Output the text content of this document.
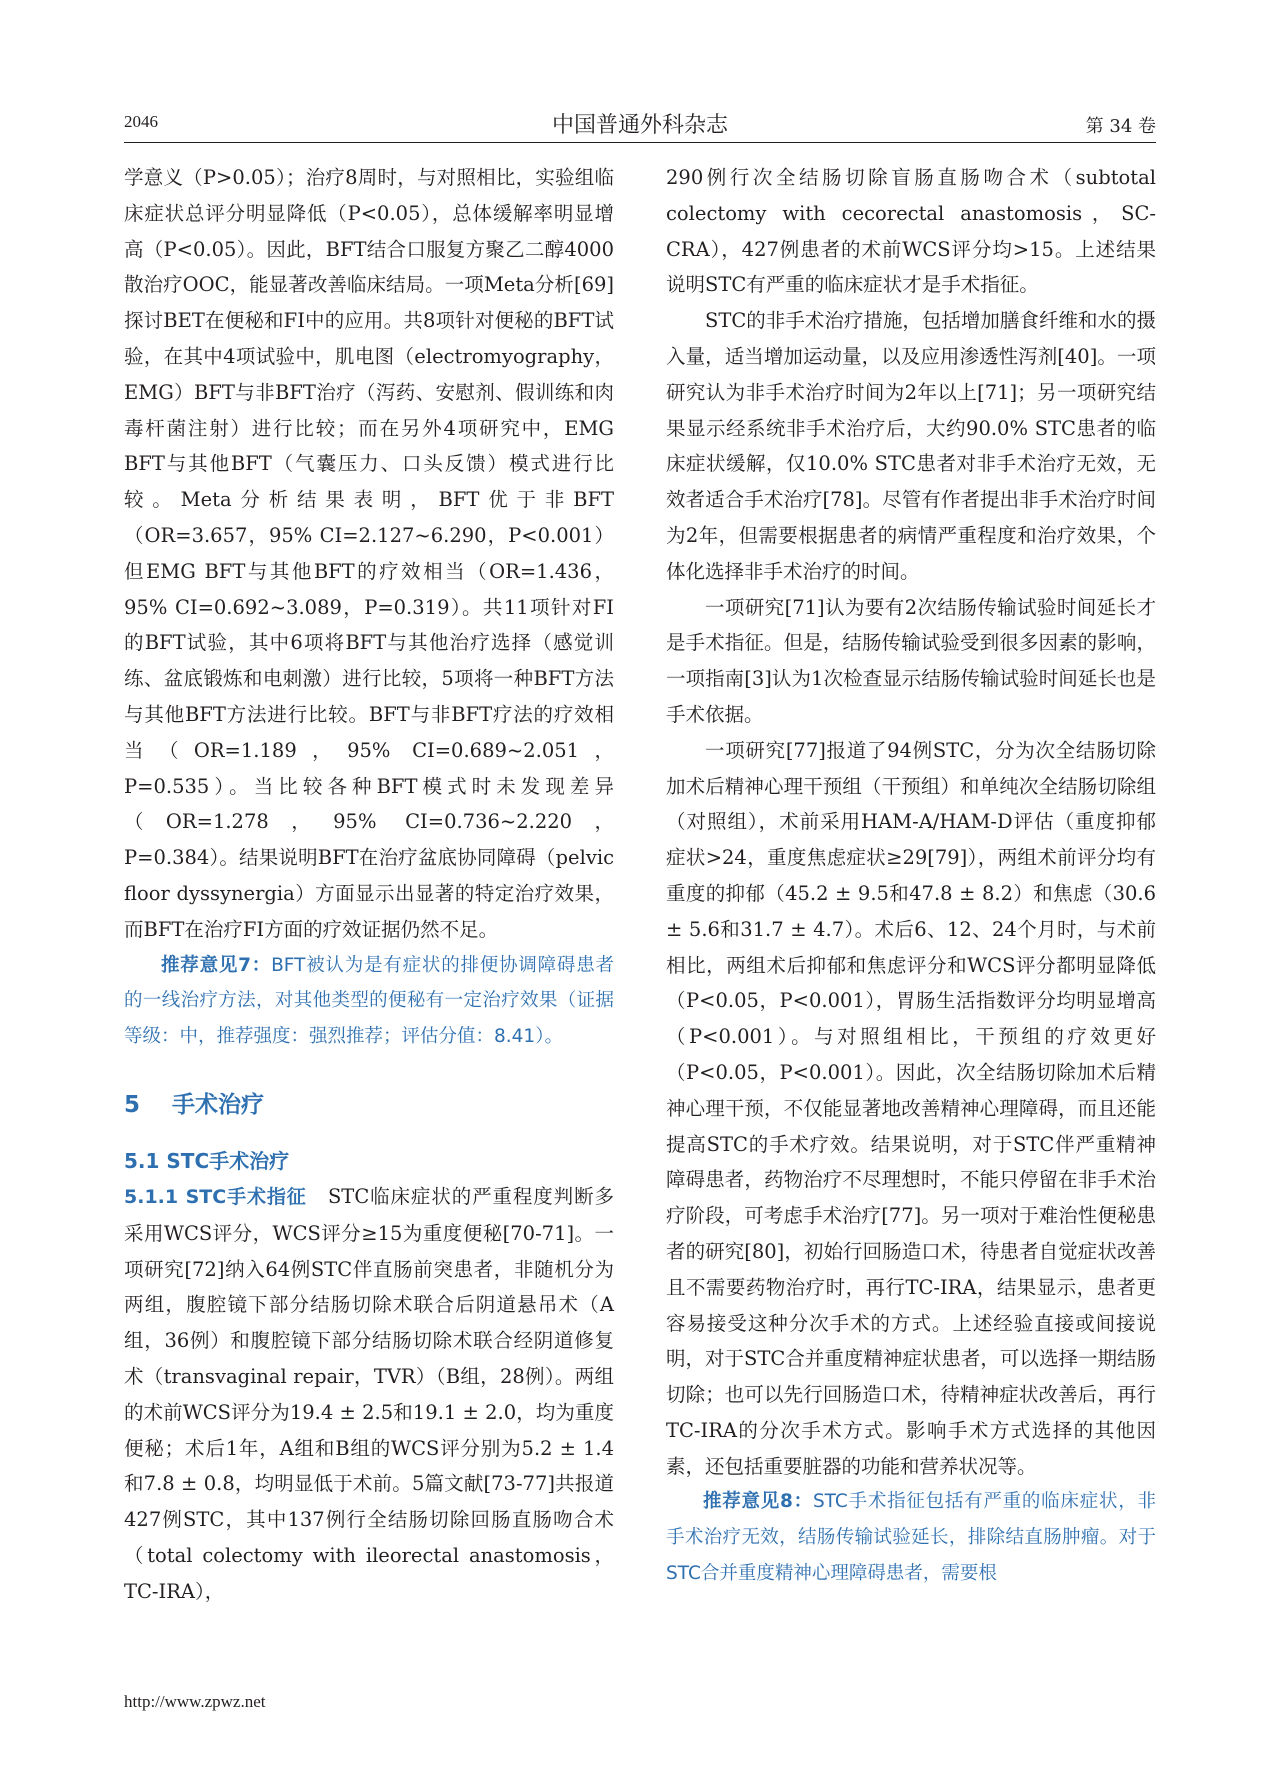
2046	中国普通外科杂志	第 34 卷

学意义（P>0.05）；治疗8周时，与对照相比，实验组临床症状总评分明显降低（P<0.05），总体缓解率明显增高（P<0.05）。因此，BFT结合口服复方聚乙二醇4000散治疗OOC，能显著改善临床结局。一项Meta分析[69]探讨BET在便秘和FI中的应用。共8项针对便秘的BFT试验，在其中4项试验中，肌电图（electromyography，EMG）BFT与非BFT治疗（泻药、安慰剂、假训练和肉毒杆菌注射）进行比较；而在另外4项研究中，EMG BFT与其他BFT（气囊压力、口头反馈）模式进行比较。Meta分析结果表明，BFT优于非BFT（OR=3.657，95% CI=2.127~6.290，P<0.001）但EMG BFT与其他BFT的疗效相当（OR=1.436，95% CI=0.692~3.089，P=0.319）。共11项针对FI的BFT试验，其中6项将BFT与其他治疗选择（感觉训练、盆底锻炼和电刺激）进行比较，5项将一种BFT方法与其他BFT方法进行比较。BFT与非BFT疗法的疗效相当（OR=1.189，95% CI=0.689~2.051，P=0.535）。当比较各种BFT模式时未发现差异（OR=1.278，95% CI=0.736~2.220，P=0.384）。结果说明BFT在治疗盆底协同障碍（pelvic floor dyssynergia）方面显示出显著的特定治疗效果，而BFT在治疗FI方面的疗效证据仍然不足。

推荐意见7：BFT被认为是有症状的排便协调障碍患者的一线治疗方法，对其他类型的便秘有一定治疗效果（证据等级：中，推荐强度：强烈推荐；评估分值：8.41）。

5 手术治疗
5.1 STC手术治疗

5.1.1 STC手术指征 STC临床症状的严重程度判断多采用WCS评分，WCS评分≥15为重度便秘[70-71]。一项研究[72]纳入64例STC伴直肠前突患者，非随机分为两组，腹腔镜下部分结肠切除术联合后阴道悬吊术（A组，36例）和腹腔镜下部分结肠切除术联合经阴道修复术（transvaginal repair，TVR）（B组，28例）。两组的术前WCS评分为19.4 ± 2.5和19.1 ± 2.0，均为重度便秘；术后1年，A组和B组的WCS评分别为5.2 ± 1.4和7.8 ± 0.8，均明显低于术前。5篇文献[73-77]共报道427例STC，其中137例行全结肠切除回肠直肠吻合术（total colectomy with ileorectal anastomosis，TC-IRA），

290例行次全结肠切除盲肠直肠吻合术（subtotal colectomy with cecorectal anastomosis，SC-CRA），427例患者的术前WCS评分均>15。上述结果说明STC有严重的临床症状才是手术指征。

STC的非手术治疗措施，包括增加膳食纤维和水的摄入量，适当增加运动量，以及应用渗透性泻剂[40]。一项研究认为非手术治疗时间为2年以上[71]；另一项研究结果显示经系统非手术治疗后，大约90.0% STC患者的临床症状缓解，仅10.0% STC患者对非手术治疗无效，无效者适合手术治疗[78]。尽管有作者提出非手术治疗时间为2年，但需要根据患者的病情严重程度和治疗效果，个体化选择非手术治疗的时间。

一项研究[71]认为要有2次结肠传输试验时间延长才是手术指征。但是，结肠传输试验受到很多因素的影响，一项指南[3]认为1次检查显示结肠传输试验时间延长也是手术依据。

一项研究[77]报道了94例STC，分为次全结肠切除加术后精神心理干预组（干预组）和单纯次全结肠切除组（对照组），术前采用HAM-A/HAM-D评估（重度抑郁症状>24，重度焦虑症状≥29[79]），两组术前评分均有重度的抑郁（45.2 ± 9.5和47.8 ± 8.2）和焦虑（30.6 ± 5.6和31.7 ± 4.7）。术后6、12、24个月时，与术前相比，两组术后抑郁和焦虑评分和WCS评分都明显降低（P<0.05，P<0.001），胃肠生活指数评分均明显增高（P<0.001）。与对照组相比，干预组的疗效更好（P<0.05，P<0.001）。因此，次全结肠切除加术后精神心理干预，不仅能显著地改善精神心理障碍，而且还能提高STC的手术疗效。结果说明，对于STC伴严重精神障碍患者，药物治疗不尽理想时，不能只停留在非手术治疗阶段，可考虑手术治疗[77]。另一项对于难治性便秘患者的研究[80]，初始行回肠造口术，待患者自觉症状改善且不需要药物治疗时，再行TC-IRA，结果显示，患者更容易接受这种分次手术的方式。上述经验直接或间接说明，对于STC合并重度精神症状患者，可以选择一期结肠切除；也可以先行回肠造口术，待精神症状改善后，再行TC-IRA的分次手术方式。影响手术方式选择的其他因素，还包括重要脏器的功能和营养状况等。

推荐意见8：STC手术指征包括有严重的临床症状，非手术治疗无效，结肠传输试验延长，排除结直肠肿瘤。对于STC合并重度精神心理障碍患者，需要根

http://www.zpwz.net
